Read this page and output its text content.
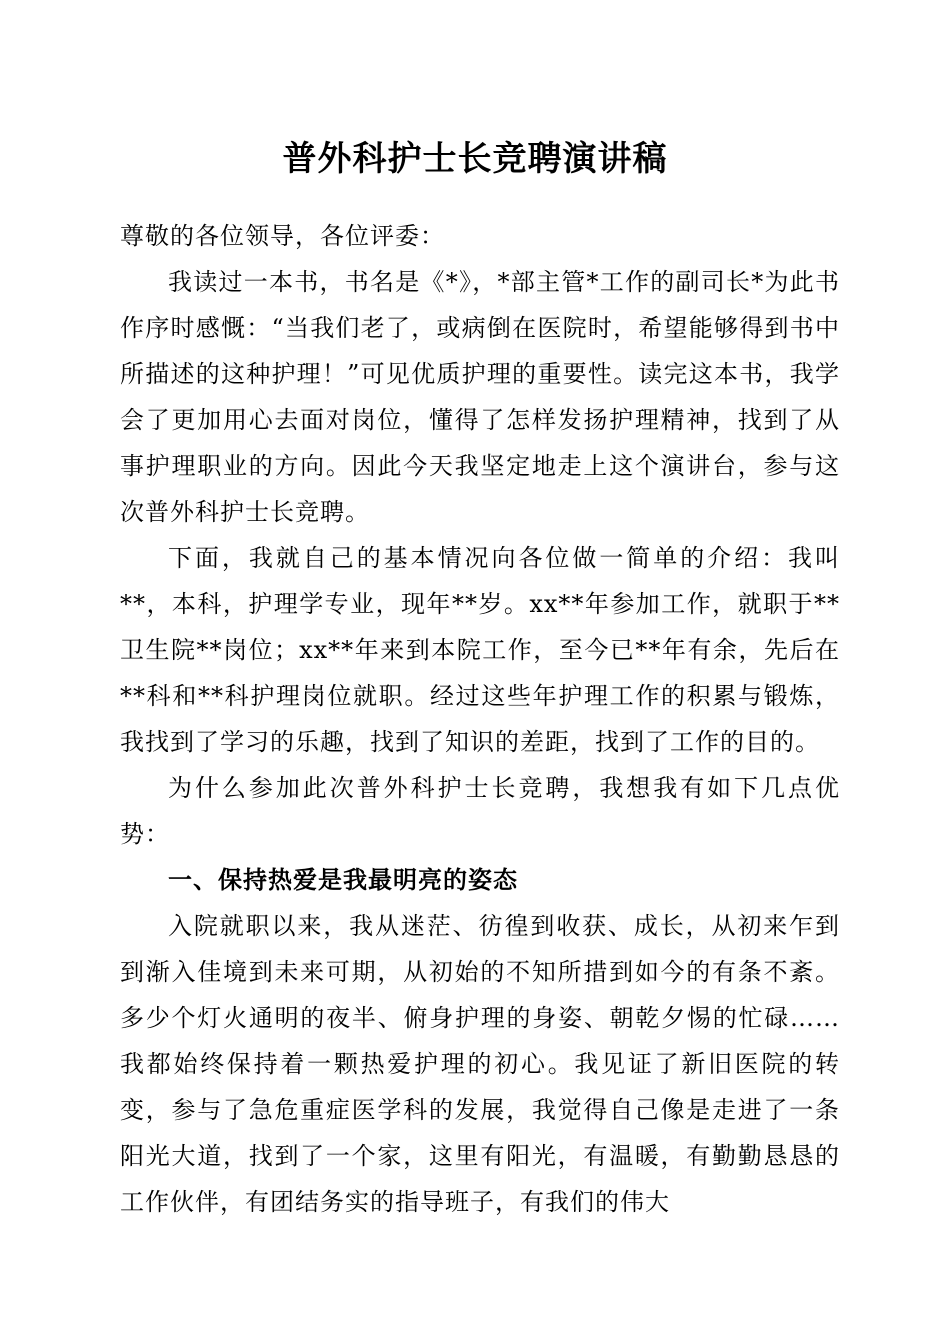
普外科护士长竞聘演讲稿

尊敬的各位领导，各位评委：

我读过一本书，书名是《*》，*部主管*工作的副司长*为此书作序时感慨：“当我们老了，或病倒在医院时，希望能够得到书中所描述的这种护理！”可见优质护理的重要性。读完这本书，我学会了更加用心去面对岗位，懂得了怎样发扬护理精神，找到了从事护理职业的方向。因此今天我坚定地走上这个演讲台，参与这次普外科护士长竞聘。

下面，我就自己的基本情况向各位做一简单的介绍：我叫**，本科，护理学专业，现年**岁。xx**年参加工作，就职于**卫生院**岗位；xx**年来到本院工作，至今已**年有余，先后在**科和**科护理岗位就职。经过这些年护理工作的积累与锻炼，我找到了学习的乐趣，找到了知识的差距，找到了工作的目的。

为什么参加此次普外科护士长竞聘，我想我有如下几点优势：

一、保持热爱是我最明亮的姿态

入院就职以来，我从迷茫、彷徨到收获、成长，从初来乍到到渐入佳境到未来可期，从初始的不知所措到如今的有条不紊。多少个灯火通明的夜半、俯身护理的身姿、朝乾夕惕的忙碌……我都始终保持着一颗热爱护理的初心。我见证了新旧医院的转变，参与了急危重症医学科的发展，我觉得自己像是走进了一条阳光大道，找到了一个家，这里有阳光，有温暖，有勤勤恳恳的工作伙伴，有团结务实的指导班子，有我们的伟大
